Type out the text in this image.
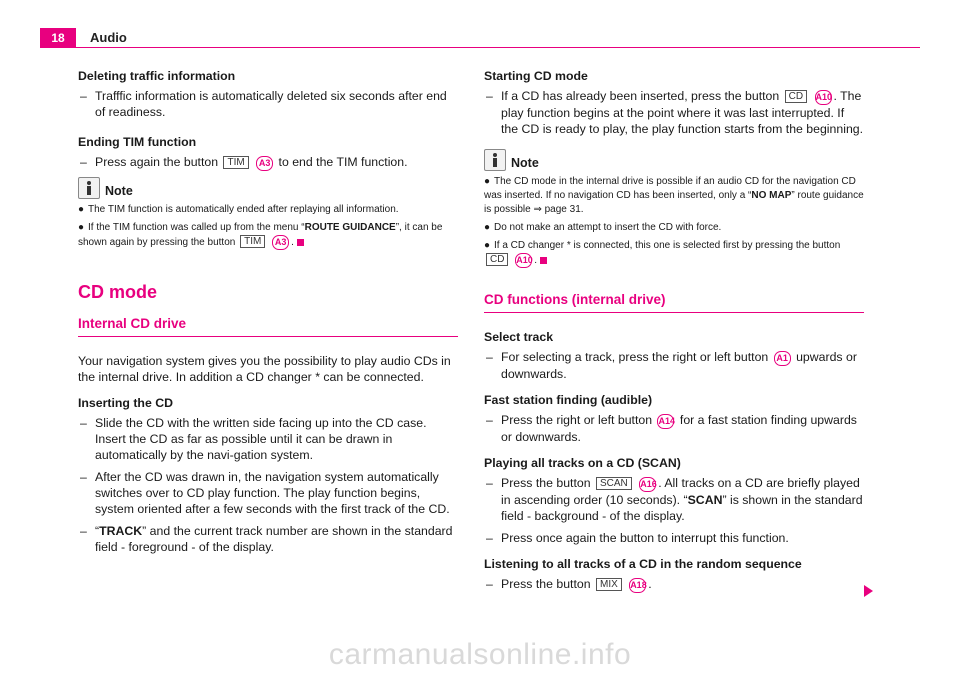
18	Audio

Deleting traffic information

– Trafffic information is automatically deleted six seconds after end of readiness.

Ending TIM function

– Press again the button TIM A3 to end the TIM function.

Note

● The TIM function is automatically ended after replaying all information.

● If the TIM function was called up from the menu “ROUTE GUIDANCE”, it can be shown again by pressing the button TIM A3 .

CD mode
Internal CD drive

Your navigation system gives you the possibility to play audio CDs in the internal drive. In addition a CD changer * can be connected.

Inserting the CD

– Slide the CD with the written side facing up into the CD case. Insert the CD as far as possible until it can be drawn in automatically by the navi-gation system.

– After the CD was drawn in, the navigation system automatically switches over to CD play function. The play function begins, system oriented after a few seconds with the first track of the CD.

– “TRACK” and the current track number are shown in the standard field - foreground - of the display.

Starting CD mode

– If a CD has already been inserted, press the button CD A10. The play function begins at the point where it was last interrupted. If the CD is ready to play, the play function starts from the beginning.

Note

● The CD mode in the internal drive is possible if an audio CD for the navigation CD was inserted. If no navigation CD has been inserted, only a “NO MAP” route guidance is possible ⇒ page 31.

● Do not make an attempt to insert the CD with force.

● If a CD changer * is connected, this one is selected first by pressing the button CD A10.

CD functions (internal drive)

Select track

– For selecting a track, press the right or left button A1 upwards or downwards.

Fast station finding (audible)

– Press the right or left button A14 for a fast station finding upwards or downwards.

Playing all tracks on a CD (SCAN)

– Press the button SCAN A16. All tracks on a CD are briefly played in ascending order (10 seconds). “SCAN” is shown in the standard field - background - of the display.

– Press once again the button to interrupt this function.

Listening to all tracks of a CD in the random sequence

– Press the button MIX A18.

carmanualsonline.info
